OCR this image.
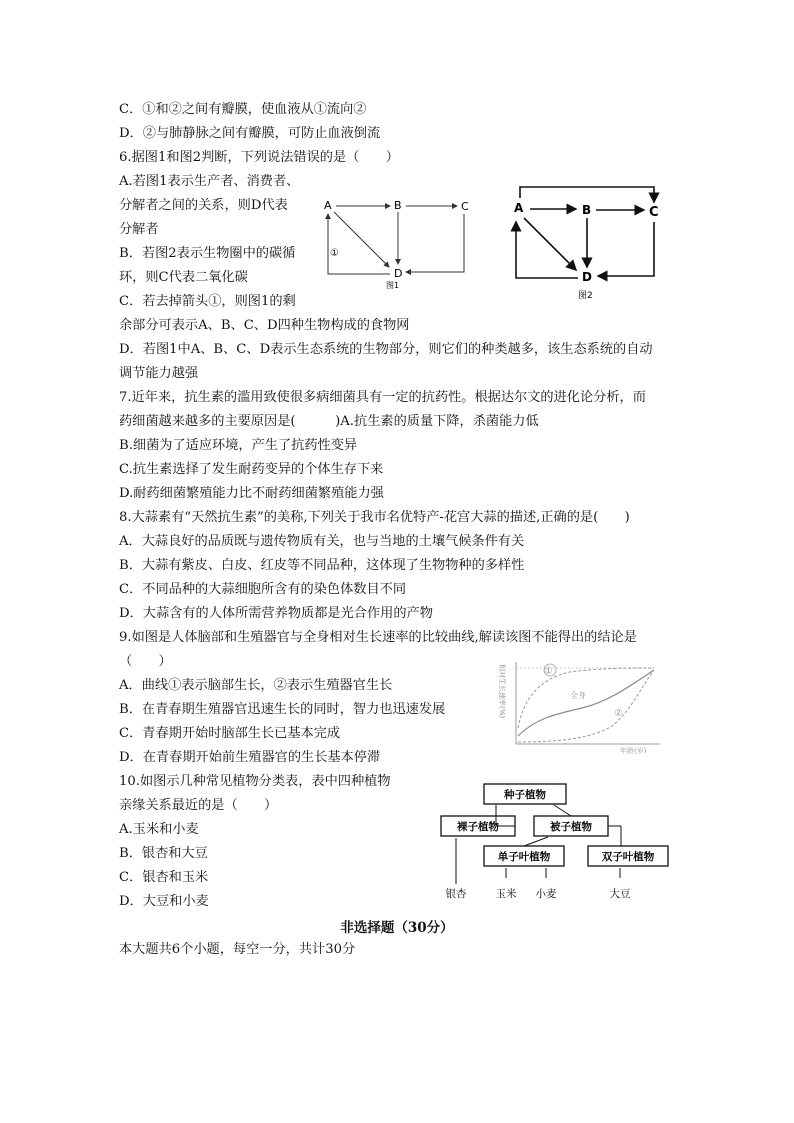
C．①和②之间有瓣膜，使血液从①流向②
D．②与肺静脉之间有瓣膜，可防止血液倒流
6.据图1和图2判断，下列说法错误的是（　　）
A.若图1表示生产者、消费者、
分解者之间的关系，则D代表
分解者
B．若图2表示生物圈中的碳循
环，则C代表二氧化碳
C．若去掉箭头①，则图1的剩
余部分可表示A、B、C、D四种生物构成的食物网
D．若图1中A、B、C、D表示生态系统的生物部分，则它们的种类越多，该生态系统的自动
调节能力越强
7.近年来，抗生素的滥用致使很多病细菌具有一定的抗药性。根据达尔文的进化论分析，而
药细菌越来越多的主要原因是(　　　)A.抗生素的质量下降，杀菌能力低
B.细菌为了适应环境，产生了抗药性变异
C.抗生素选择了发生耐药变异的个体生存下来
D.耐药细菌繁殖能力比不耐药细菌繁殖能力强
8.大蒜素有“天然抗生素”的美称,下列关于我市名优特产-花宫大蒜的描述,正确的是(　　)
A．大蒜良好的品质既与遗传物质有关，也与当地的土壤气候条件有关
B．大蒜有紫皮、白皮、红皮等不同品种，这体现了生物物种的多样性
C．不同品种的大蒜细胞所含有的染色体数目不同
D．大蒜含有的人体所需营养物质都是光合作用的产物
9.如图是人体脑部和生殖器官与全身相对生长速率的比较曲线,解读该图不能得出的结论是
（　　）
A．曲线①表示脑部生长，②表示生殖器官生长
B．在青春期生殖器官迅速生长的同时，智力也迅速发展
C．青春期开始时脑部生长已基本完成
D．在青春期开始前生殖器官的生长基本停滞
10.如图示几种常见植物分类表，表中四种植物
亲缘关系最近的是（　　）
A.玉米和小麦
B．银杏和大豆
C．银杏和玉米
D．大豆和小麦
非选择题（30分）
本大题共6个小题，每空一分，共计30分
A	B	C
D
①
图1
A	B	C
D
图2
相对生长速率(%)	①
全身
②
年龄(岁)
种子植物
裸子植物	被子植物
单子叶植物	双子叶植物
银杏	玉米 小麦	大豆
